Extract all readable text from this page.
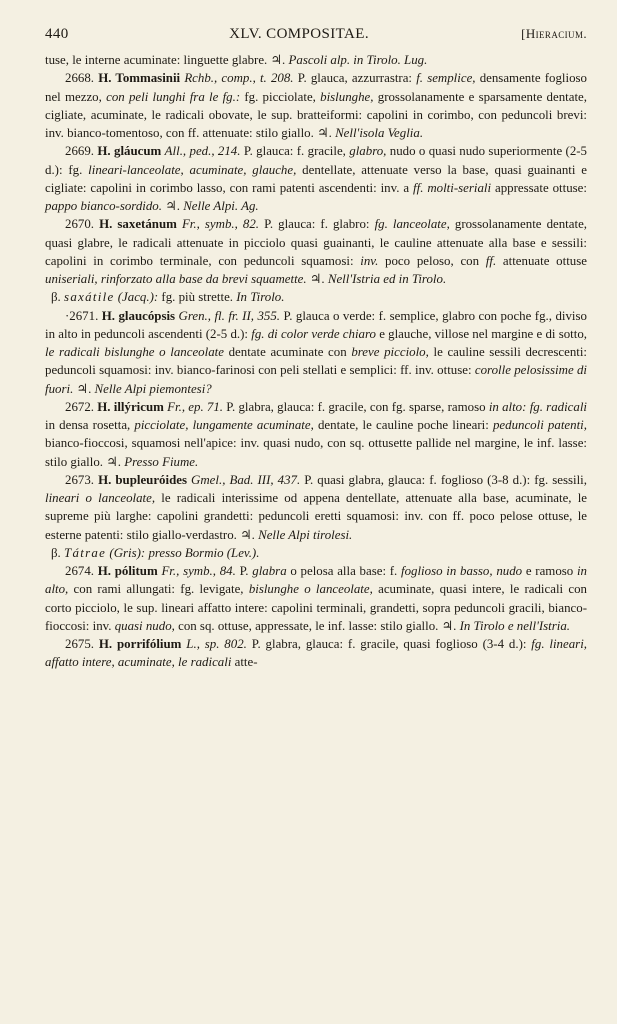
440	XLV. COMPOSITAE.	[Hieracium.

tuse, le interne acuminate: linguette glabre. ♃. Pascoli alp. in Tirolo. Lug.

2668. H. Tommasinii Rchb., comp., t. 208. P. glauca, azzurrastra: f. semplice, densamente foglioso nel mezzo, con peli lunghi fra le fg.: fg. picciolate, bislunghe, grossolanamente e sparsamente dentate, cigliate, acuminate, le radicali obovate, le sup. bratteiformi: capolini in corimbo, con peduncoli brevi: inv. bianco-tomentoso, con ff. attenuate: stilo giallo. ♃. Nell'isola Veglia.

2669. H. gláucum All., ped., 214. P. glauca: f. gracile, glabro, nudo o quasi nudo superiormente (2-5 d.): fg. lineari-lanceolate, acuminate, glauche, dentellate, attenuate verso la base, quasi guainanti e cigliate: capolini in corimbo lasso, con rami patenti ascendenti: inv. a ff. molti-seriali appressate ottuse: pappo bianco-sordido. ♃. Nelle Alpi. Ag.

2670. H. saxetánum Fr., symb., 82. P. glauca: f. glabro: fg. lanceolate, grossolanamente dentate, quasi glabre, le radicali attenuate in picciolo quasi guainanti, le cauline attenuate alla base e sessili: capolini in corimbo terminale, con peduncoli squamosi: inv. poco peloso, con ff. attenuate ottuse uniseriali, rinforzato alla base da brevi squamette. ♃. Nell'Istria ed in Tirolo.

β. saxátile (Jacq.): fg. più strette. In Tirolo.

·2671. H. glaucópsis Gren., fl. fr. II, 355. P. glauca o verde: f. semplice, glabro con poche fg., diviso in alto in peduncoli ascendenti (2-5 d.): fg. di color verde chiaro e glauche, villose nel margine e di sotto, le radicali bislunghe o lanceolate dentate acuminate con breve picciolo, le cauline sessili decrescenti: peduncoli squamosi: inv. bianco-farinosi con peli stellati e semplici: ff. inv. ottuse: corolle pelosissime di fuori. ♃. Nelle Alpi piemontesi?

2672. H. illýricum Fr., ep. 71. P. glabra, glauca: f. gracile, con fg. sparse, ramoso in alto: fg. radicali in densa rosetta, picciolate, lungamente acuminate, dentate, le cauline poche lineari: peduncoli patenti, bianco-fioccosi, squamosi nell'apice: inv. quasi nudo, con sq. ottusette pallide nel margine, le inf. lasse: stilo giallo. ♃. Presso Fiume.

2673. H. bupleuróides Gmel., Bad. III, 437. P. quasi glabra, glauca: f. foglioso (3-8 d.): fg. sessili, lineari o lanceolate, le radicali interissime od appena dentellate, attenuate alla base, acuminate, le supreme più larghe: capolini grandetti: peduncoli eretti squamosi: inv. con ff. poco pelose ottuse, le esterne patenti: stilo giallo-verdastro. ♃. Nelle Alpi tirolesi.

β. Tátrae (Gris): presso Bormio (Lev.).

2674. H. pólitum Fr., symb., 84. P. glabra o pelosa alla base: f. foglioso in basso, nudo e ramoso in alto, con rami allungati: fg. levigate, bislunghe o lanceolate, acuminate, quasi intere, le radicali con corto picciolo, le sup. lineari affatto intere: capolini terminali, grandetti, sopra peduncoli gracili, bianco-fioccosi: inv. quasi nudo, con sq. ottuse, appressate, le inf. lasse: stilo giallo. ♃. In Tirolo e nell'Istria.

2675. H. porrifólium L., sp. 802. P. glabra, glauca: f. gracile, quasi foglioso (3-4 d.): fg. lineari, affatto intere, acuminate, le radicali atte-
